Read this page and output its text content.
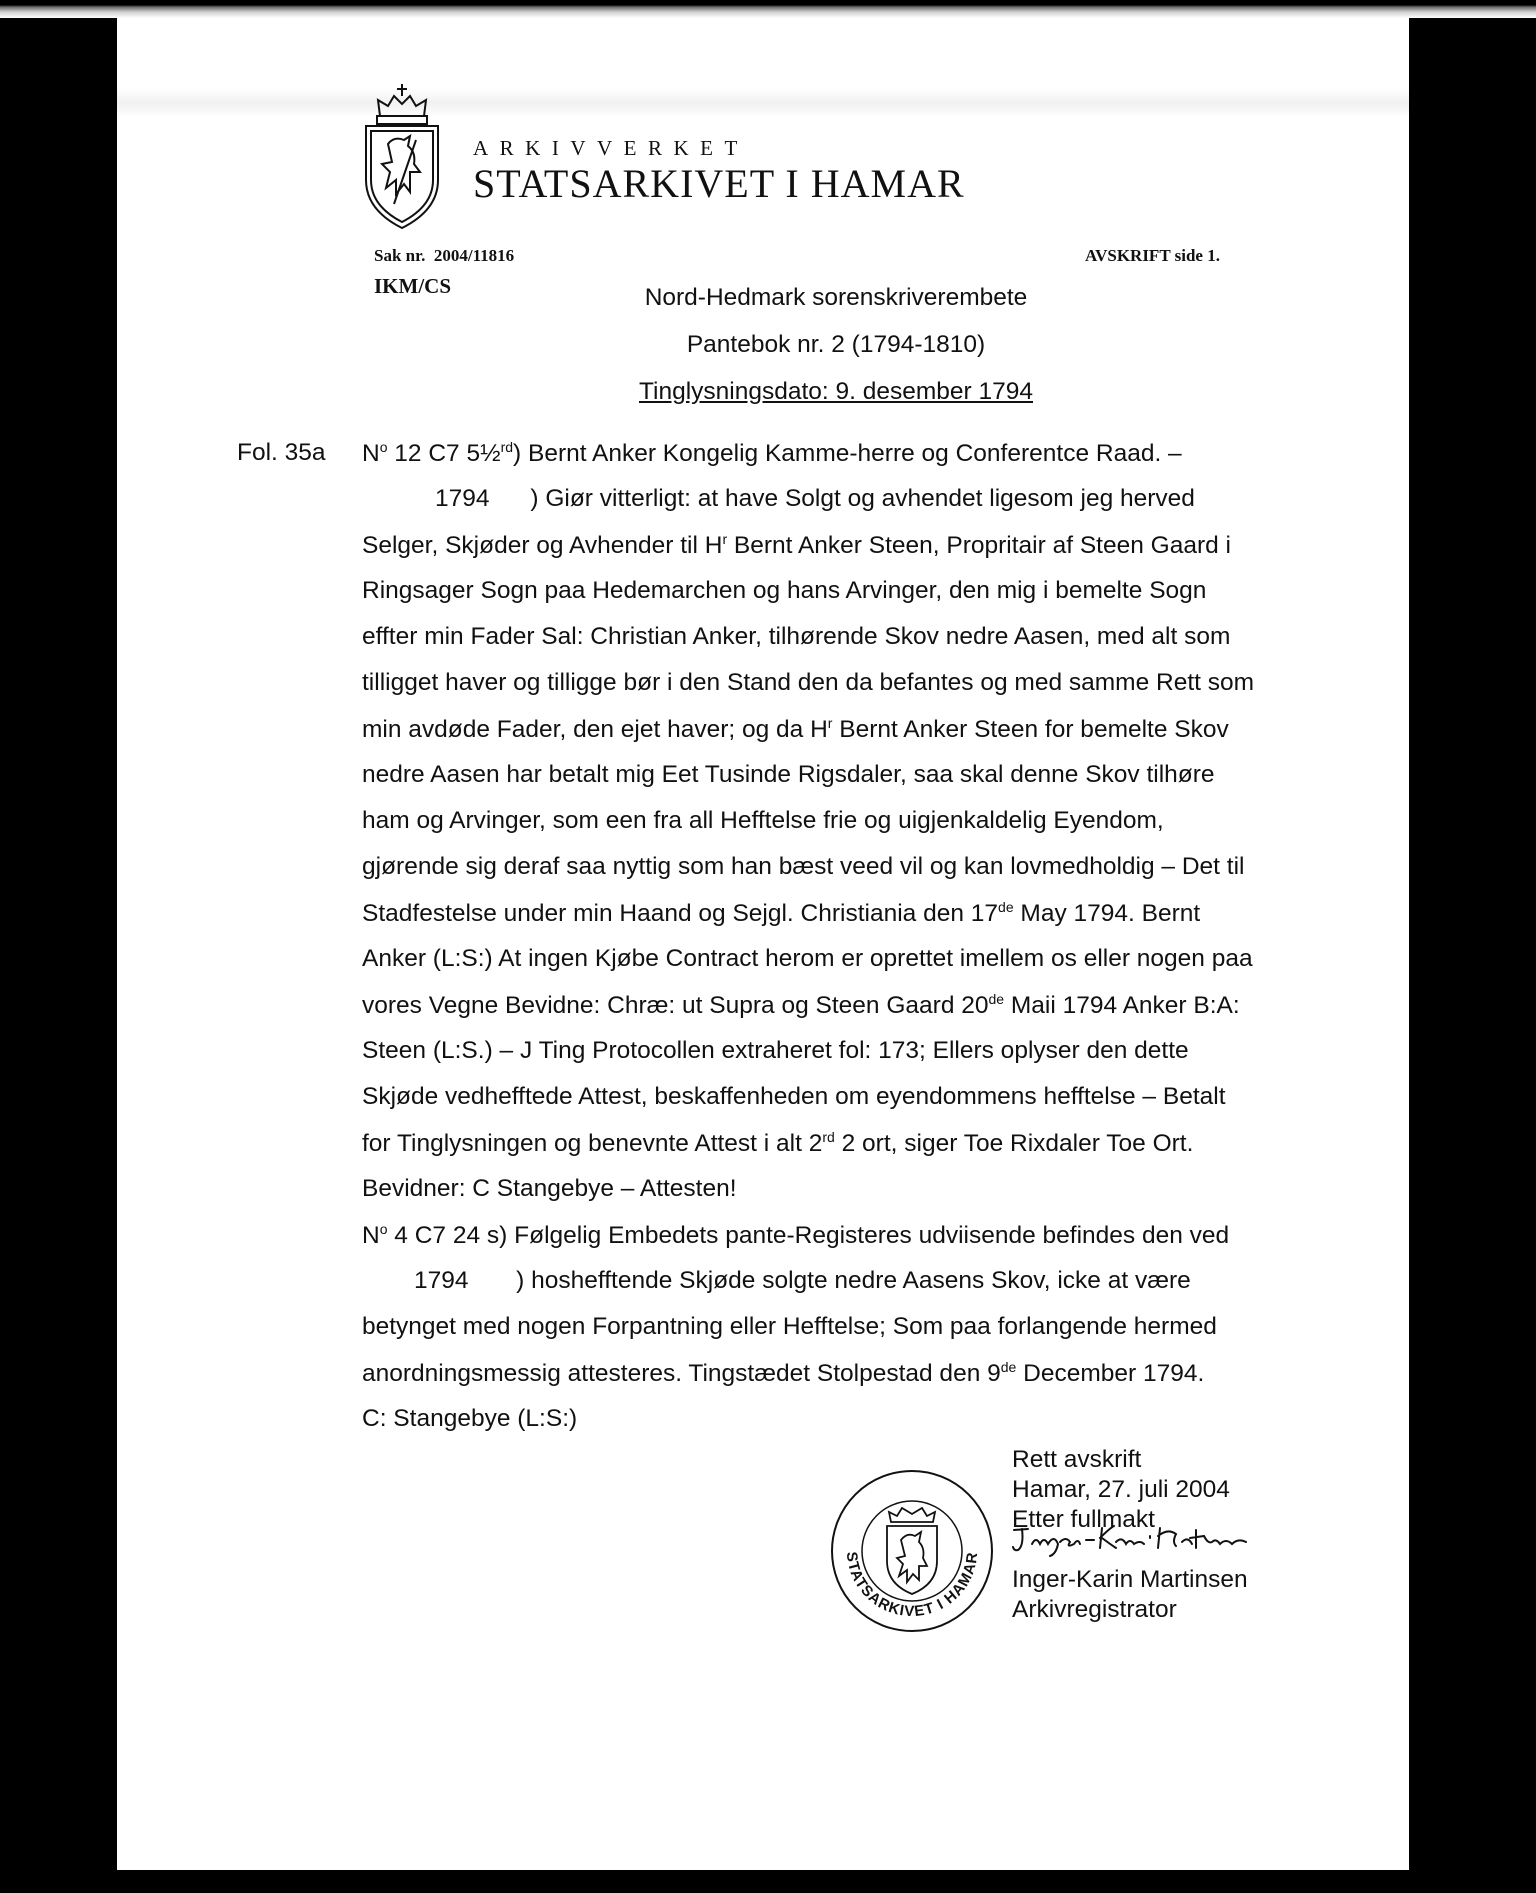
ARKIVVERKET
STATSARKIVET I HAMAR
Sak nr. 2004/11816
IKM/CS
AVSKRIFT side 1.
Nord-Hedmark sorenskriverembete
Pantebok nr. 2 (1794-1810)
Tinglysningsdato: 9. desember 1794
Fol. 35a $N^o$ 12 C7 5½$^{rd}$) Bernt Anker Kongelig Kamme-herre og Conferentce Raad. –
1794 ) Giør vitterligt: at have Solgt og avhendet ligesom jeg herved
Selger, Skjøder og Avhender til $H^r$ Bernt Anker Steen, Propritair af Steen Gaard i
Ringsager Sogn paa Hedemarchen og hans Arvinger, den mig i bemelte Sogn
effter min Fader Sal: Christian Anker, tilhørende Skov nedre Aasen, med alt som
tilligget haver og tilligge bør i den Stand den da befantes og med samme Rett som
min avdøde Fader, den ejet haver; og da $H^r$ Bernt Anker Steen for bemelte Skov
nedre Aasen har betalt mig Eet Tusinde Rigsdaler, saa skal denne Skov tilhøre
ham og Arvinger, som een fra all Hefftelse frie og uigjenkaldelig Eyendom,
gjørende sig deraf saa nyttig som han bæst veed vil og kan lovmedholdig – Det til
Stadfestelse under min Haand og Sejgl. Christiania den 17de May 1794. Bernt
Anker (L:S:) At ingen Kjøbe Contract herom er oprettet imellem os eller nogen paa
vores Vegne Bevidne: Chræ: ut Supra og Steen Gaard 20de Maii 1794 Anker B:A:
Steen (L:S.) – J Ting Protocollen extraheret fol: 173; Ellers oplyser den dette
Skjøde vedhefftede Attest, beskaffenheden om eyendommens hefftelse – Betalt
for Tinglysningen og benevnte Attest i alt 2rd 2 ort, siger Toe Rixdaler Toe Ort.
Bevidner: C Stangebye – Attesten!
$N^o$ 4 C7 24 s) Følgelig Embedets pante-Registeres udviisende befindes den ved
1794 ) hoshefftende Skjøde solgte nedre Aasens Skov, icke at være
betynget med nogen Forpantning eller Hefftelse; Som paa forlangende hermed
anordningsmessig attesteres. Tingstædet Stolpestad den 9de December 1794.
C: Stangebye (L:S:)
STATSARKIVET I HAMAR
Rett avskrift
Hamar, 27. juli 2004
Etter fullmakt
Inger-Karin Martinsen
Arkivregistrator
